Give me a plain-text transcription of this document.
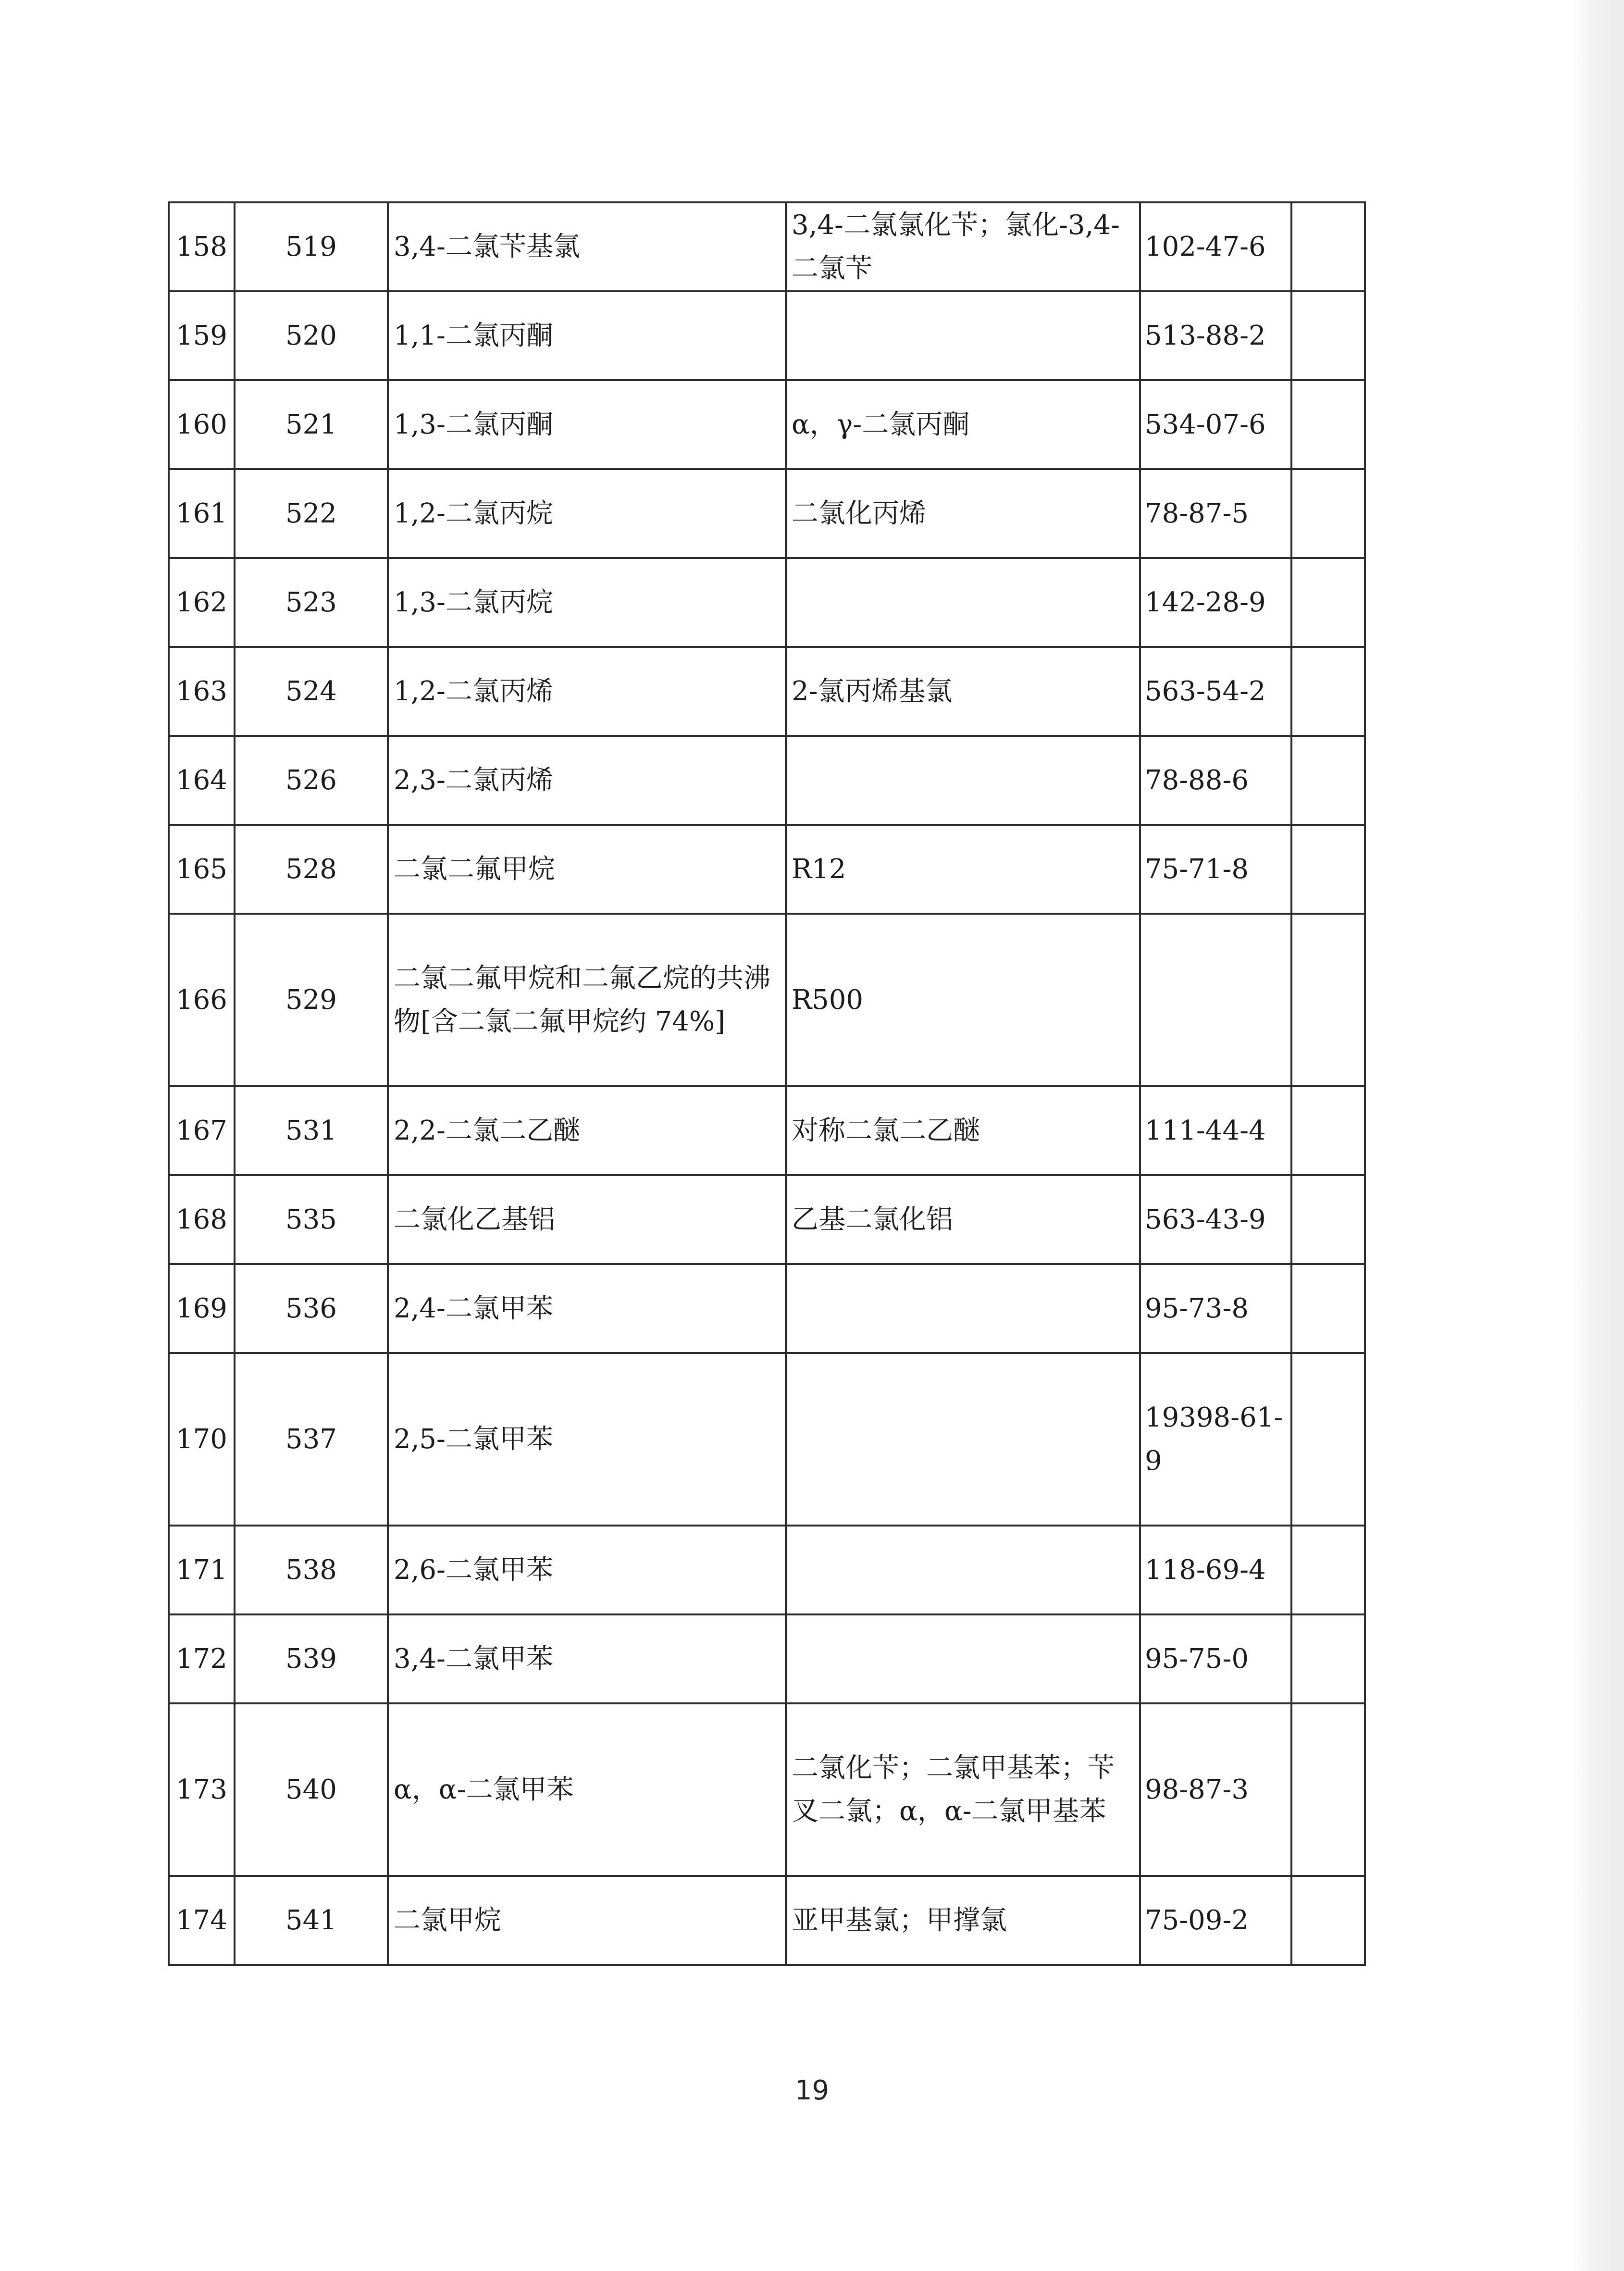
158	519	3,4-二氯苄基氯	3,4-二氯氯化苄；氯化-3,4-二氯苄	102-47-6	
159	520	1,1-二氯丙酮		513-88-2	
160	521	1,3-二氯丙酮	α，γ-二氯丙酮	534-07-6	
161	522	1,2-二氯丙烷	二氯化丙烯	78-87-5	
162	523	1,3-二氯丙烷		142-28-9	
163	524	1,2-二氯丙烯	2-氯丙烯基氯	563-54-2	
164	526	2,3-二氯丙烯		78-88-6	
165	528	二氯二氟甲烷	R12	75-71-8	
166	529	二氯二氟甲烷和二氟乙烷的共沸物[含二氯二氟甲烷约 74%]	R500		
167	531	2,2-二氯二乙醚	对称二氯二乙醚	111-44-4	
168	535	二氯化乙基铝	乙基二氯化铝	563-43-9	
169	536	2,4-二氯甲苯		95-73-8	
170	537	2,5-二氯甲苯		19398-61-9	
171	538	2,6-二氯甲苯		118-69-4	
172	539	3,4-二氯甲苯		95-75-0	
173	540	α，α-二氯甲苯	二氯化苄；二氯甲基苯；苄叉二氯；α，α-二氯甲基苯	98-87-3	
174	541	二氯甲烷	亚甲基氯；甲撑氯	75-09-2	
19
